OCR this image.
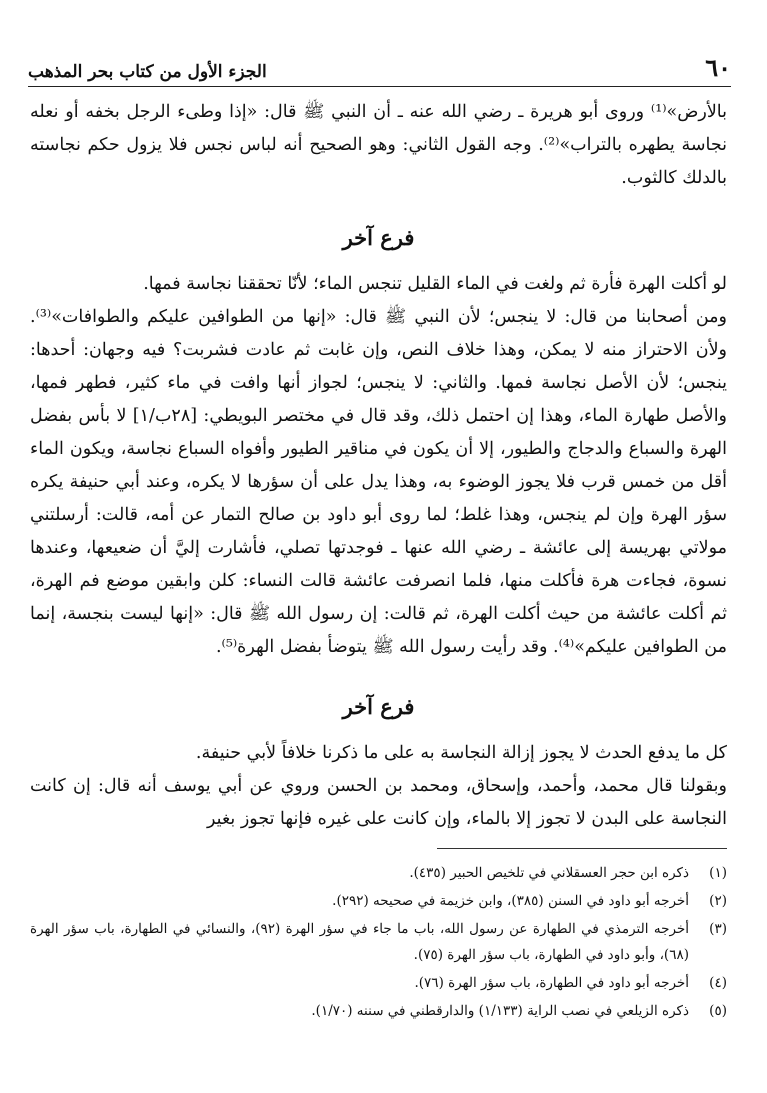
٦٠
الجزء الأول من كتاب بحر المذهب

بالأرض»⁽¹⁾ وروى أبو هريرة ـ رضي الله عنه ـ أن النبي ﷺ قال: «إذا وطىء الرجل بخفه أو نعله نجاسة يطهره بالتراب»⁽²⁾. وجه القول الثاني: وهو الصحيح أنه لباس نجس فلا يزول حكم نجاسته بالدلك كالثوب.

فرع آخر

لو أكلت الهرة فأرة ثم ولغت في الماء القليل تنجس الماء؛ لأنّا تحققنا نجاسة فمها.

ومن أصحابنا من قال: لا ينجس؛ لأن النبي ﷺ قال: «إنها من الطوافين عليكم والطوافات»⁽³⁾. ولأن الاحتراز منه لا يمكن، وهذا خلاف النص، وإن غابت ثم عادت فشربت؟ فيه وجهان: أحدها: ينجس؛ لأن الأصل نجاسة فمها. والثاني: لا ينجس؛ لجواز أنها وافت في ماء كثير، فطهر فمها، والأصل طهارة الماء، وهذا إن احتمل ذلك، وقد قال في مختصر البويطي: [٢٨ب/١] لا بأس بفضل الهرة والسباع والدجاج والطيور، إلا أن يكون في مناقير الطيور وأفواه السباع نجاسة، ويكون الماء أقل من خمس قرب فلا يجوز الوضوء به، وهذا يدل على أن سؤرها لا يكره، وعند أبي حنيفة يكره سؤر الهرة وإن لم ينجس، وهذا غلط؛ لما روى أبو داود بن صالح التمار عن أمه، قالت: أرسلتني مولاتي بهريسة إلى عائشة ـ رضي الله عنها ـ فوجدتها تصلي، فأشارت إليَّ أن ضعيعها، وعندها نسوة، فجاءت هرة فأكلت منها، فلما انصرفت عائشة قالت النساء: كلن وابقين موضع فم الهرة، ثم أكلت عائشة من حيث أكلت الهرة، ثم قالت: إن رسول الله ﷺ قال: «إنها ليست بنجسة، إنما من الطوافين عليكم»⁽⁴⁾. وقد رأيت رسول الله ﷺ يتوضأ بفضل الهرة⁽⁵⁾.

فرع آخر

كل ما يدفع الحدث لا يجوز إزالة النجاسة به على ما ذكرنا خلافاً لأبي حنيفة.

وبقولنا قال محمد، وأحمد، وإسحاق، ومحمد بن الحسن وروي عن أبي يوسف أنه قال: إن كانت النجاسة على البدن لا تجوز إلا بالماء، وإن كانت على غيره فإنها تجوز بغير

(١)
ذكره ابن حجر العسقلاني في تلخيص الحبير (٤٣٥).
(٢)
أخرجه أبو داود في السنن (٣٨٥)، وابن خزيمة في صحيحه (٢٩٢).
(٣)
أخرجه الترمذي في الطهارة عن رسول الله، باب ما جاء في سؤر الهرة (٩٢)، والنسائي في الطهارة، باب سؤر الهرة (٦٨)، وأبو داود في الطهارة، باب سؤر الهرة (٧٥).
(٤)
أخرجه أبو داود في الطهارة، باب سؤر الهرة (٧٦).
(٥)
ذكره الزيلعي في نصب الراية (١/١٣٣) والدارقطني في سننه (١/٧٠).
